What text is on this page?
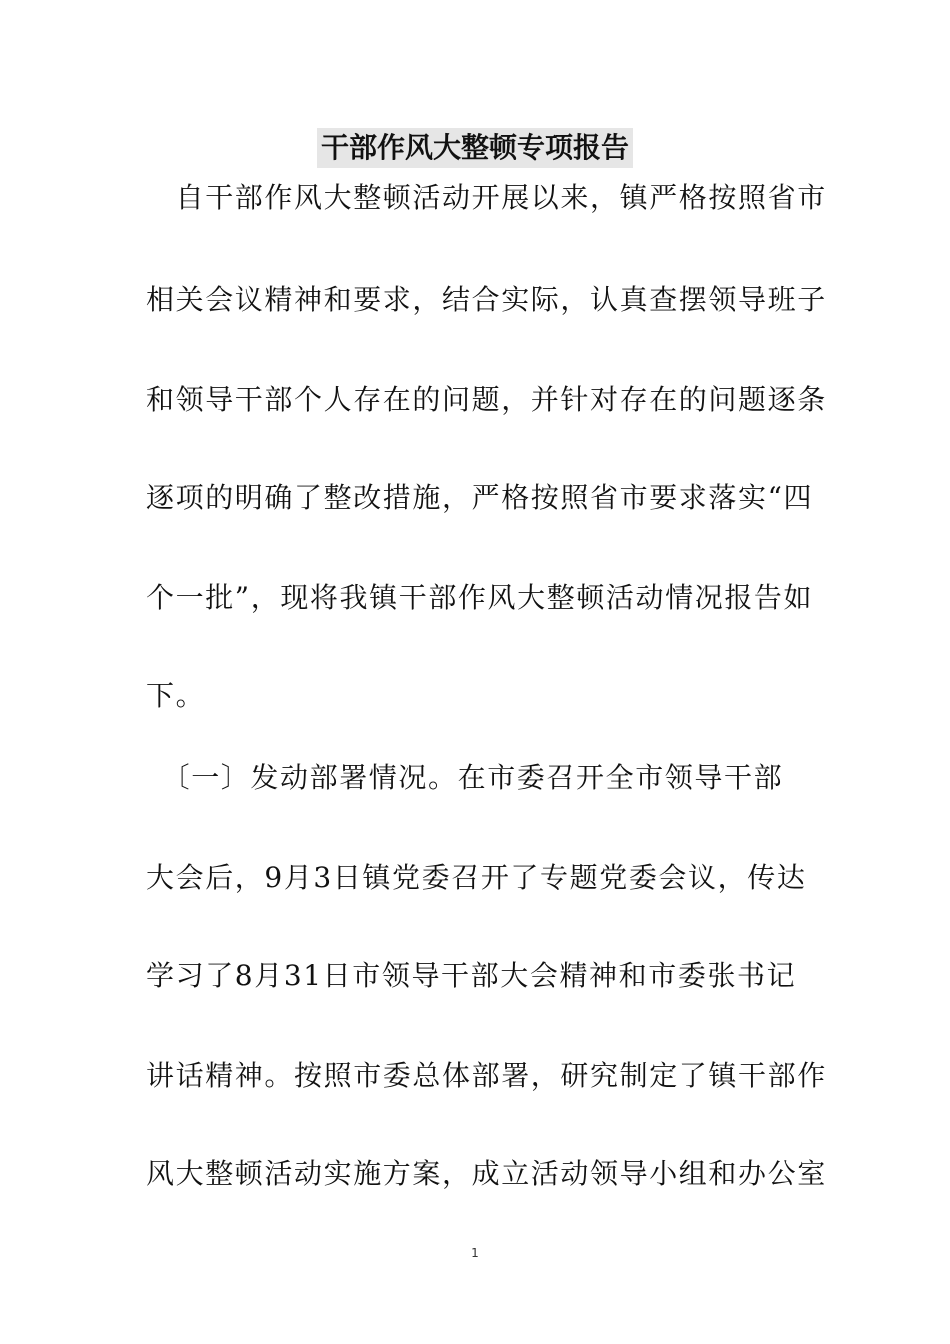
干部作风大整顿专项报告
　自干部作风大整顿活动开展以来，镇严格按照省市
相关会议精神和要求，结合实际，认真查摆领导班子
和领导干部个人存在的问题，并针对存在的问题逐条
逐项的明确了整改措施，严格按照省市要求落实“四
个一批”，现将我镇干部作风大整顿活动情况报告如
下。
　〔一〕发动部署情况。在市委召开全市领导干部
大会后，9月3日镇党委召开了专题党委会议，传达
学习了8月31日市领导干部大会精神和市委张书记
讲话精神。按照市委总体部署，研究制定了镇干部作
风大整顿活动实施方案，成立活动领导小组和办公室
1
